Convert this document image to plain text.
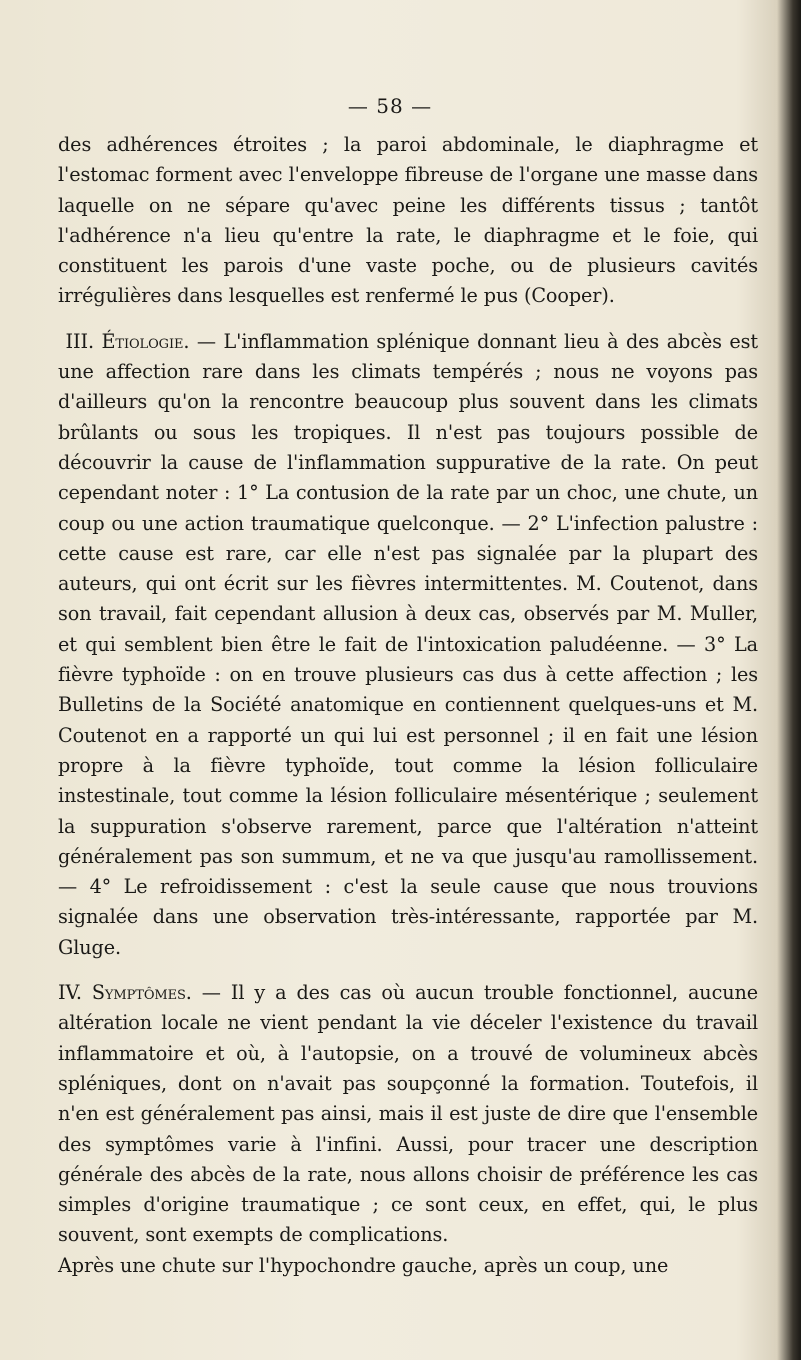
— 58 —

des adhérences étroites ; la paroi abdominale, le diaphragme et l'estomac forment avec l'enveloppe fibreuse de l'organe une masse dans laquelle on ne sépare qu'avec peine les différents tissus ; tantôt l'adhérence n'a lieu qu'entre la rate, le diaphragme et le foie, qui constituent les parois d'une vaste poche, ou de plusieurs cavités irrégulières dans lesquelles est renfermé le pus (Cooper).

III. Étiologie. — L'inflammation splénique donnant lieu à des abcès est une affection rare dans les climats tempérés ; nous ne voyons pas d'ailleurs qu'on la rencontre beaucoup plus souvent dans les climats brûlants ou sous les tropiques. Il n'est pas toujours possible de découvrir la cause de l'inflammation suppurative de la rate. On peut cependant noter : 1° La contusion de la rate par un choc, une chute, un coup ou une action traumatique quelconque. — 2° L'infection palustre : cette cause est rare, car elle n'est pas signalée par la plupart des auteurs, qui ont écrit sur les fièvres intermittentes. M. Coutenot, dans son travail, fait cependant allusion à deux cas, observés par M. Muller, et qui semblent bien être le fait de l'intoxication paludéenne. — 3° La fièvre typhoïde : on en trouve plusieurs cas dus à cette affection ; les Bulletins de la Société anatomique en contiennent quelques-uns et M. Coutenot en a rapporté un qui lui est personnel ; il en fait une lésion propre à la fièvre typhoïde, tout comme la lésion folliculaire instestinale, tout comme la lésion folliculaire mésentérique ; seulement la suppuration s'observe rarement, parce que l'altération n'atteint généralement pas son summum, et ne va que jusqu'au ramollissement. — 4° Le refroidissement : c'est la seule cause que nous trouvions signalée dans une observation très-intéressante, rapportée par M. Gluge.

IV. Symptômes. — Il y a des cas où aucun trouble fonctionnel, aucune altération locale ne vient pendant la vie déceler l'existence du travail inflammatoire et où, à l'autopsie, on a trouvé de volumineux abcès spléniques, dont on n'avait pas soupçonné la formation. Toutefois, il n'en est généralement pas ainsi, mais il est juste de dire que l'ensemble des symptômes varie à l'infini. Aussi, pour tracer une description générale des abcès de la rate, nous allons choisir de préférence les cas simples d'origine traumatique ; ce sont ceux, en effet, qui, le plus souvent, sont exempts de complications.

Après une chute sur l'hypochondre gauche, après un coup, une
